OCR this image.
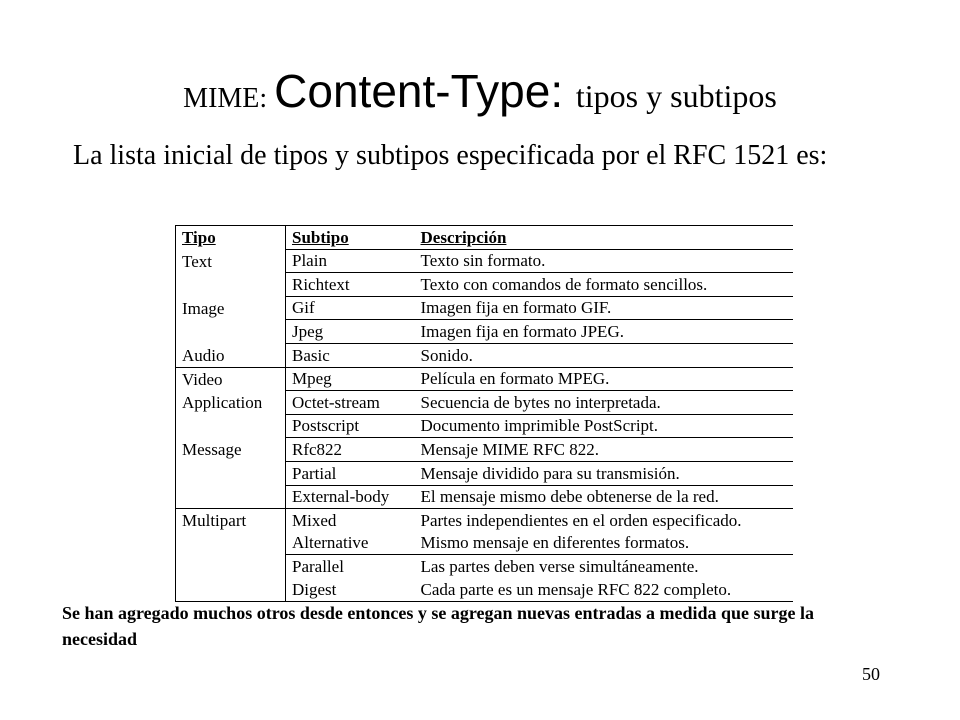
MIME: Content-Type: tipos y subtipos
La lista inicial de tipos y subtipos especificada por el RFC 1521 es:
Tipo	Subtipo	Descripción
Text	Plain	Texto sin formato.
	Richtext	Texto con comandos de formato sencillos.
Image	Gif	Imagen fija en formato GIF.
	Jpeg	Imagen fija en formato JPEG.
Audio	Basic	Sonido.
Video	Mpeg	Película en formato MPEG.
Application	Octet-stream	Secuencia de bytes no interpretada.
	Postscript	Documento imprimible PostScript.
Message	Rfc822	Mensaje MIME RFC 822.
	Partial	Mensaje dividido para su transmisión.
	External-body	El mensaje mismo debe obtenerse de la red.
Multipart	Mixed	Partes independientes en el orden especificado.
	Alternative	Mismo mensaje en diferentes formatos.
	Parallel	Las partes deben verse simultáneamente.
	Digest	Cada parte es un mensaje RFC 822 completo.
Se han agregado muchos otros desde entonces y se agregan nuevas entradas a medida que surge la necesidad
50
